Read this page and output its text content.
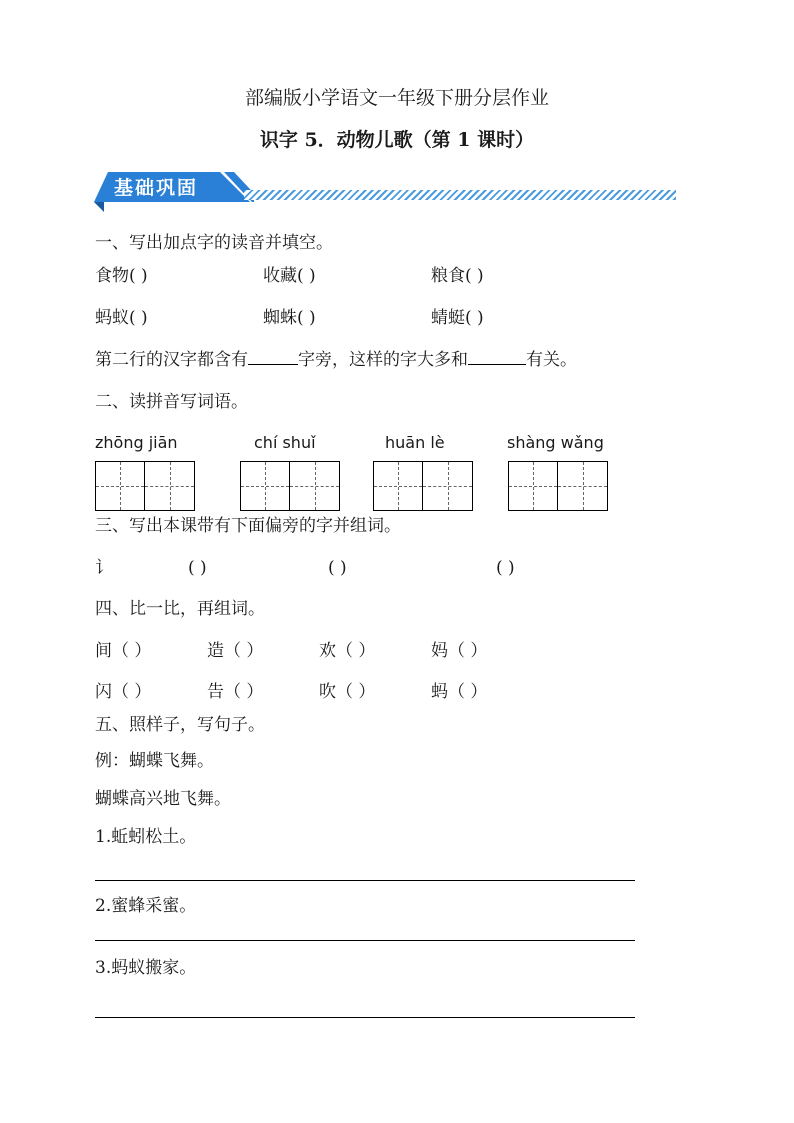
部编版小学语文一年级下册分层作业
识字 5．动物儿歌（第 1 课时）
基础巩固
一、写出加点字的读音并填空。
食物( )	收藏( )	粮食( )
蚂蚁( )	蜘蛛( )	蜻蜓( )
第二行的汉字都含有	字旁，这样的字大多和	有关。
二、读拼音写词语。
zhōng jiān	chí shuǐ	huān lè	shàng wǎng
三、写出本课带有下面偏旁的字并组词。
讠	( )	( )	( )
四、比一比，再组词。
间（ ）	造（ ）	欢（ ）	妈（ ）
闪（ ）	告（ ）	吹（ ）	蚂（ ）
五、照样子，写句子。
例：蝴蝶飞舞。
蝴蝶高兴地飞舞。
1.蚯蚓松土。
2.蜜蜂采蜜。
3.蚂蚁搬家。
